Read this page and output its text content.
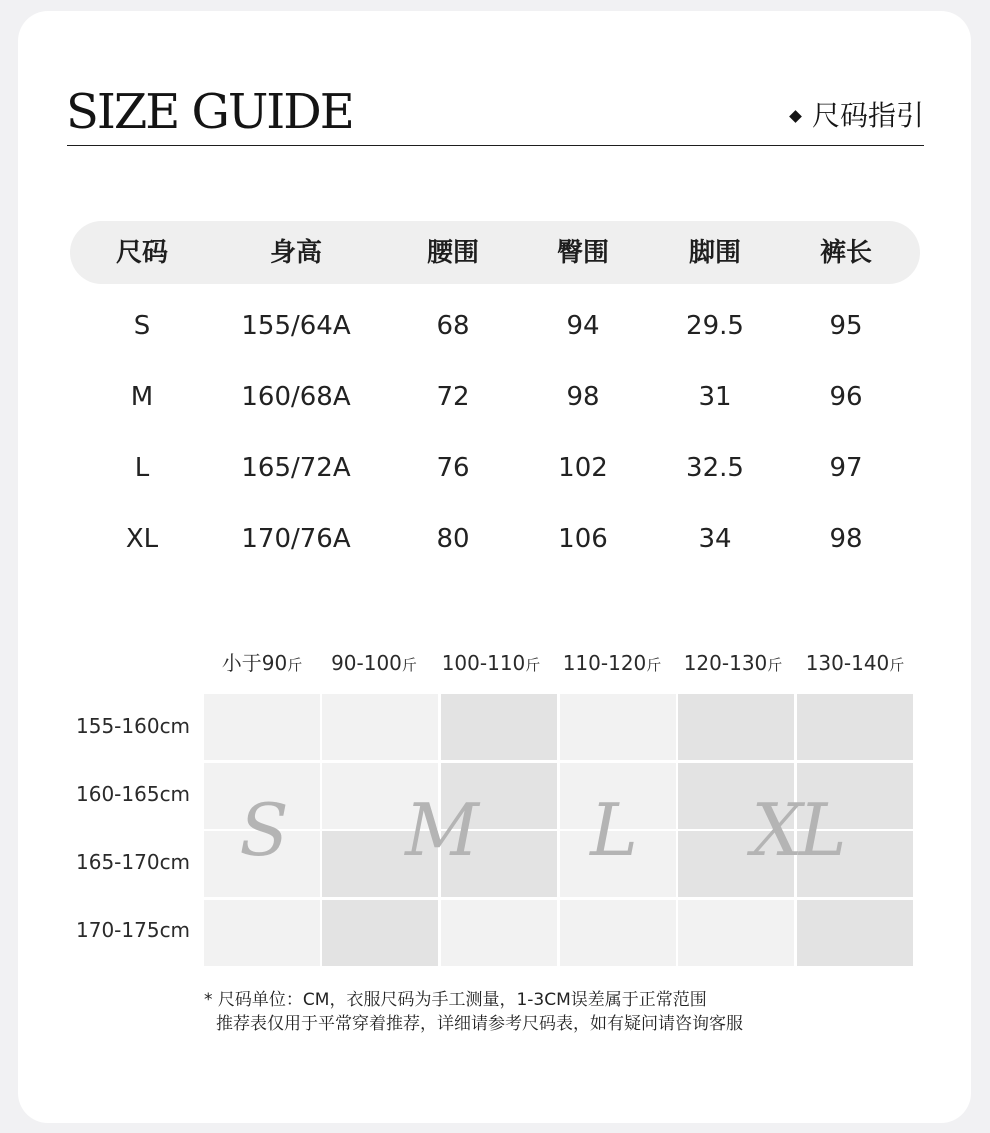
SIZE GUIDE	尺码指引
尺码	身高	腰围	臀围	脚围	裤长
S	155/64A	68	94	29.5	95
M	160/68A	72	98	31	96
L	165/72A	76	102	32.5	97
XL	170/76A	80	106	34	98
小于90斤 90-100斤 100-110斤 110-120斤 120-130斤 130-140斤
155-160cm
160-165cm
165-170cm
170-175cm
S M L XL
* 尺码单位：CM，衣服尺码为手工测量，1-3CM误差属于正常范围
推荐表仅用于平常穿着推荐，详细请参考尺码表，如有疑问请咨询客服
